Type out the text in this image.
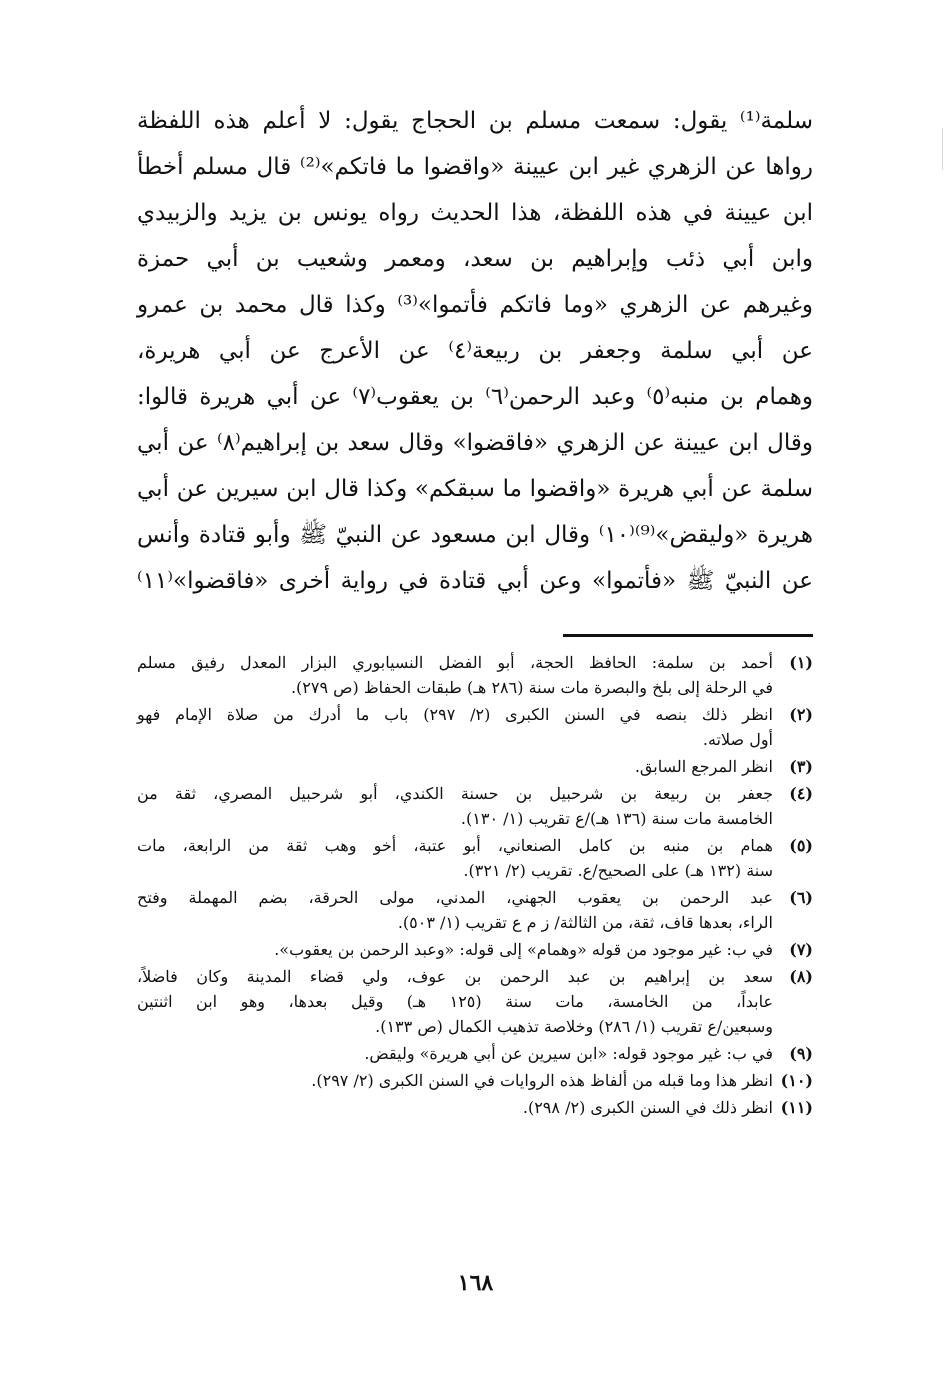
سلمة⁽¹⁾ يقول: سمعت مسلم بن الحجاج يقول: لا أعلم هذه اللفظة
رواها عن الزهري غير ابن عيينة «واقضوا ما فاتكم»⁽²⁾ قال مسلم أخطأ
ابن عيينة في هذه اللفظة، هذا الحديث رواه يونس بن يزيد والزبيدي
وابن أبي ذئب وإبراهيم بن سعد، ومعمر وشعيب بن أبي حمزة
وغيرهم عن الزهري «وما فاتكم فأتموا»⁽³⁾ وكذا قال محمد بن عمرو
عن أبي سلمة وجعفر بن ربيعة⁽٤⁾ عن الأعرج عن أبي هريرة،
وهمام بن منبه⁽٥⁾ وعبد الرحمن⁽٦⁾ بن يعقوب⁽٧⁾ عن أبي هريرة قالوا:
وقال ابن عيينة عن الزهري «فاقضوا» وقال سعد بن إبراهيم⁽٨⁾ عن أبي
سلمة عن أبي هريرة «واقضوا ما سبقكم» وكذا قال ابن سيرين عن أبي
هريرة «وليقض»⁽⁹⁾⁽١٠⁾ وقال ابن مسعود عن النبيّ ﷺ وأبو قتادة وأنس
عن النبيّ ﷺ «فأتموا» وعن أبي قتادة في رواية أخرى «فاقضوا»⁽١١⁾
(١)
أحمد بن سلمة: الحافظ الحجة، أبو الفضل النسيابوري البزار المعدل رفيق مسلم
في الرحلة إلى بلخ والبصرة مات سنة (٢٨٦ هـ) طبقات الحفاظ (ص ٢٧٩).
(٢)
انظر ذلك بنصه في السنن الكبرى (٢/ ٢٩٧) باب ما أدرك من صلاة الإمام فهو
أول صلاته.
(٣)
انظر المرجع السابق.
(٤)
جعفر بن ربيعة بن شرحبيل بن حسنة الكندي، أبو شرحبيل المصري، ثقة من
الخامسة مات سنة (١٣٦ هـ)/ع تقريب (١/ ١٣٠).
(٥)
همام بن منبه بن كامل الصنعاني، أبو عتبة، أخو وهب ثقة من الرابعة، مات
سنة (١٣٢ هـ) على الصحيح/ع. تقريب (٢/ ٣٢١).
(٦)
عبد الرحمن بن يعقوب الجهني، المدني، مولى الحرقة، بضم المهملة وفتح
الراء، بعدها قاف، ثقة، من الثالثة/ ز م ع تقريب (١/ ٥٠٣).
(٧)
في ب: غير موجود من قوله «وهمام» إلى قوله: «وعبد الرحمن بن يعقوب».
(٨)
سعد بن إبراهيم بن عبد الرحمن بن عوف، ولي قضاء المدينة وكان فاضلاً،
عابداً، من الخامسة، مات سنة (١٢٥ هـ) وقيل بعدها، وهو ابن اثنتين
وسبعين/ع تقريب (١/ ٢٨٦) وخلاصة تذهيب الكمال (ص ١٣٣).
(٩)
في ب: غير موجود قوله: «ابن سيرين عن أبي هريرة» وليقض.
(١٠)
انظر هذا وما قبله من ألفاظ هذه الروايات في السنن الكبرى (٢/ ٢٩٧).
(١١)
انظر ذلك في السنن الكبرى (٢/ ٢٩٨).
١٦٨
